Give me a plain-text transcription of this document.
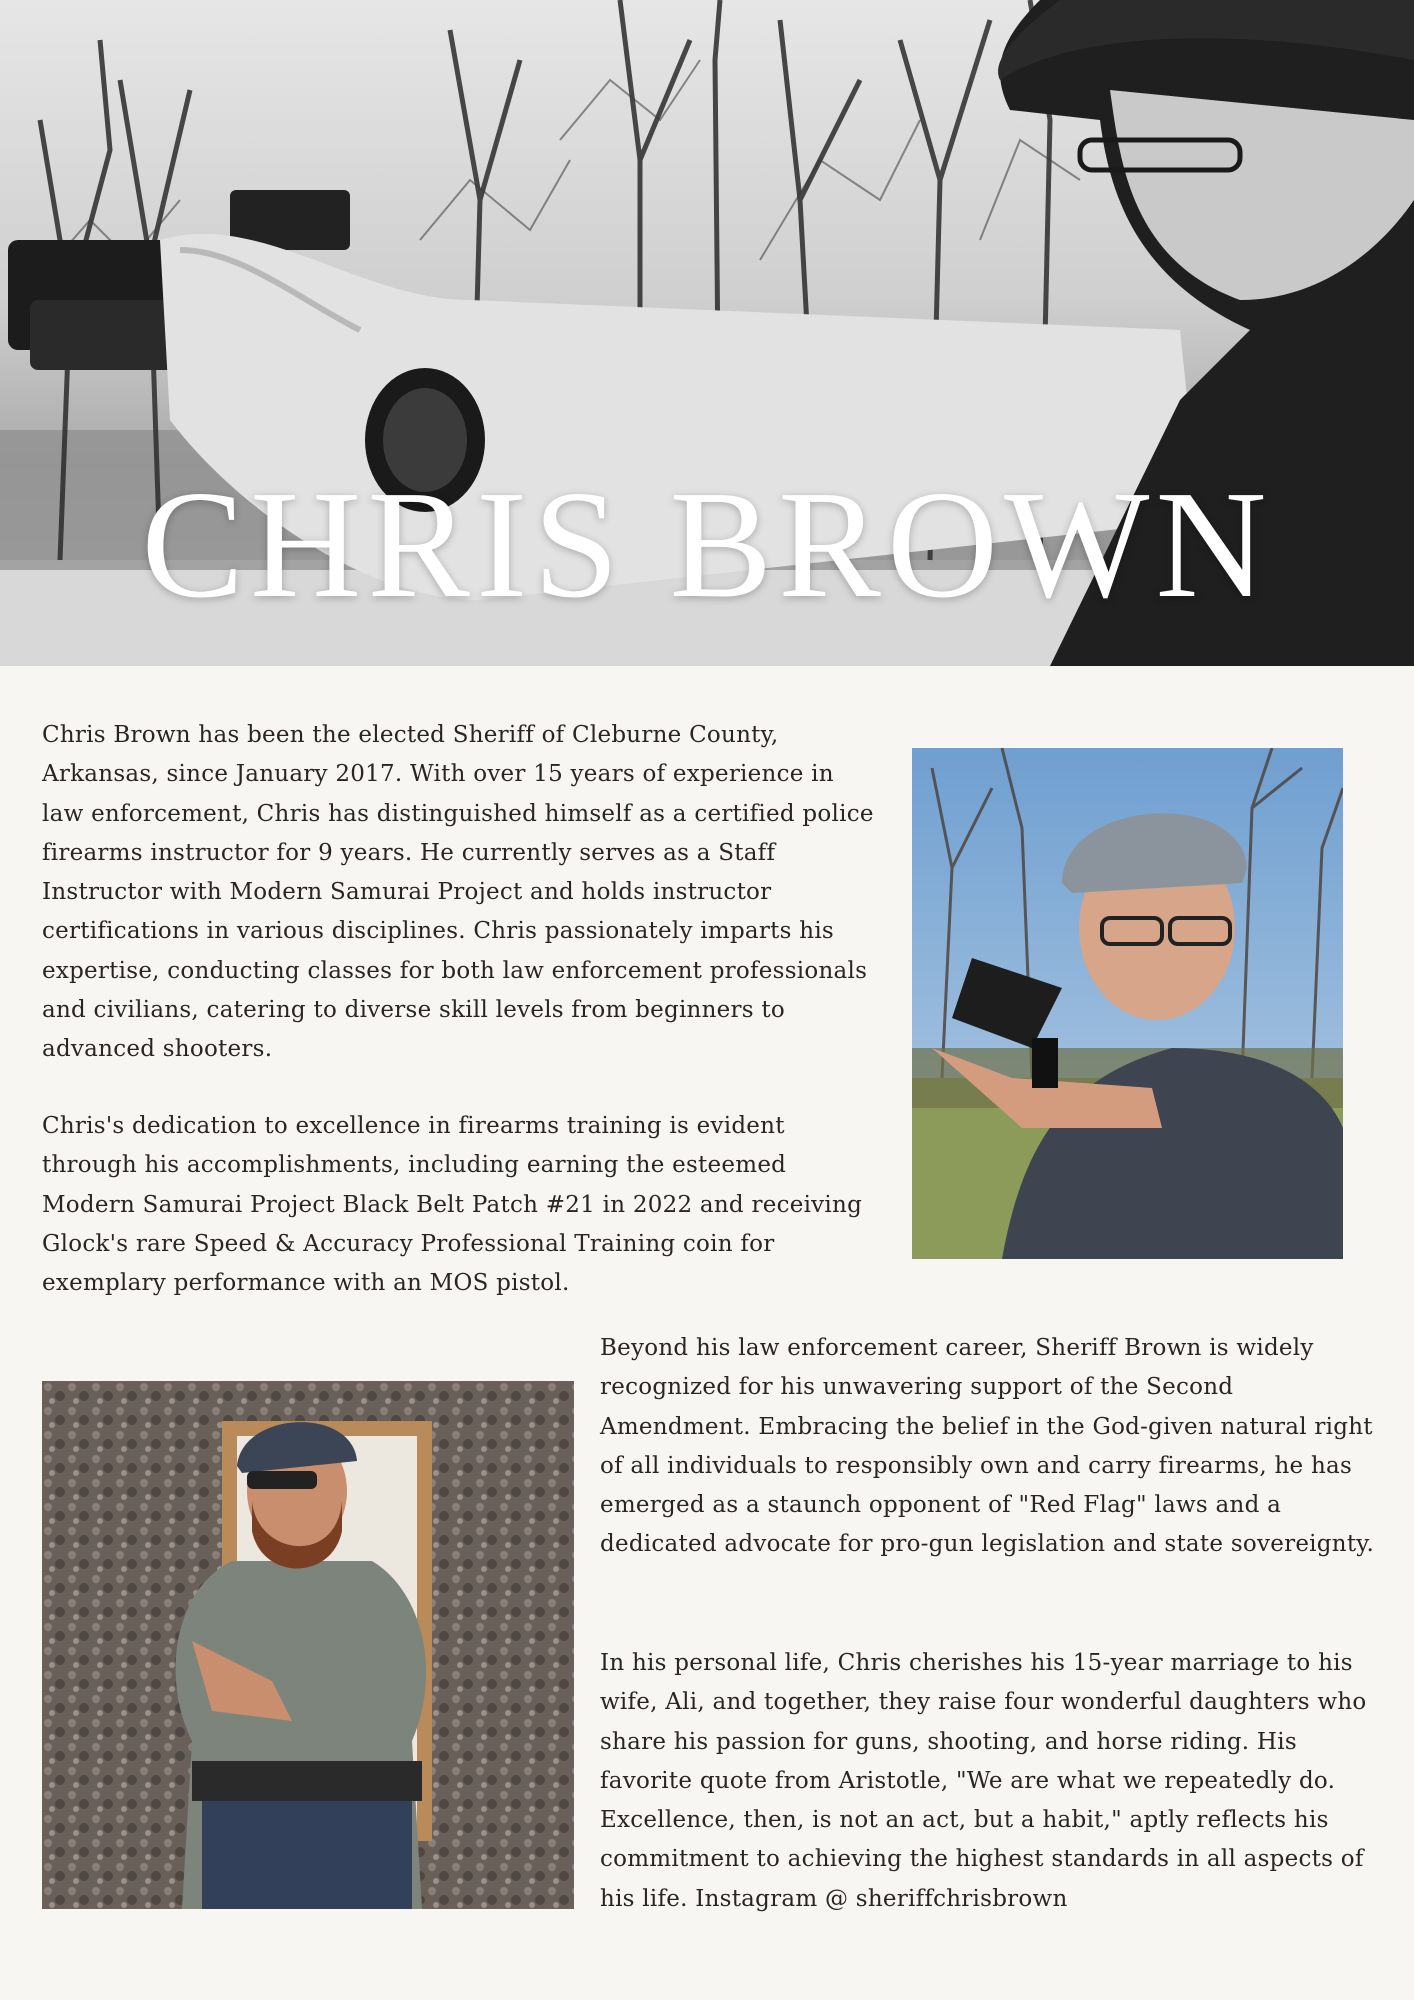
CHRIS BROWN

Chris Brown has been the elected Sheriff of Cleburne County, Arkansas, since January 2017. With over 15 years of experience in law enforcement, Chris has distinguished himself as a certified police firearms instructor for 9 years. He currently serves as a Staff Instructor with Modern Samurai Project and holds instructor certifications in various disciplines. Chris passionately imparts his expertise, conducting classes for both law enforcement professionals and civilians, catering to diverse skill levels from beginners to advanced shooters.

Chris's dedication to excellence in firearms training is evident through his accomplishments, including earning the esteemed Modern Samurai Project Black Belt Patch #21 in 2022 and receiving Glock's rare Speed & Accuracy Professional Training coin for exemplary performance with an MOS pistol.

Beyond his law enforcement career, Sheriff Brown is widely recognized for his unwavering support of the Second Amendment. Embracing the belief in the God-given natural right of all individuals to responsibly own and carry firearms, he has emerged as a staunch opponent of "Red Flag" laws and a dedicated advocate for pro-gun legislation and state sovereignty.

In his personal life, Chris cherishes his 15-year marriage to his wife, Ali, and together, they raise four wonderful daughters who share his passion for guns, shooting, and horse riding. His favorite quote from Aristotle, "We are what we repeatedly do. Excellence, then, is not an act, but a habit," aptly reflects his commitment to achieving the highest standards in all aspects of his life. Instagram @ sheriffchrisbrown
